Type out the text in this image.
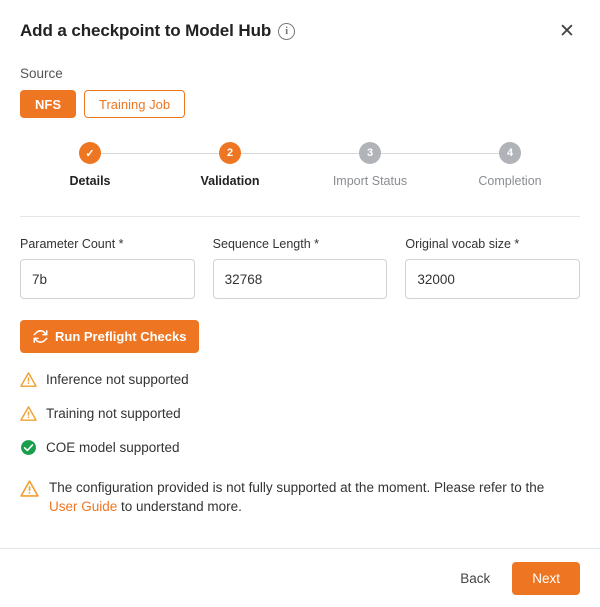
Add a checkpoint to Model Hub	i	✕
Source
NFS	Training Job
✓
Details
2
Validation
3
Import Status
4
Completion
Parameter Count *
7b	Sequence Length *
32768	Original vocab size *
32000
Run Preflight Checks
Inference not supported
Training not supported
COE model supported
The configuration provided is not fully supported at the moment. Please refer to the User Guide to understand more.
Back	Next
